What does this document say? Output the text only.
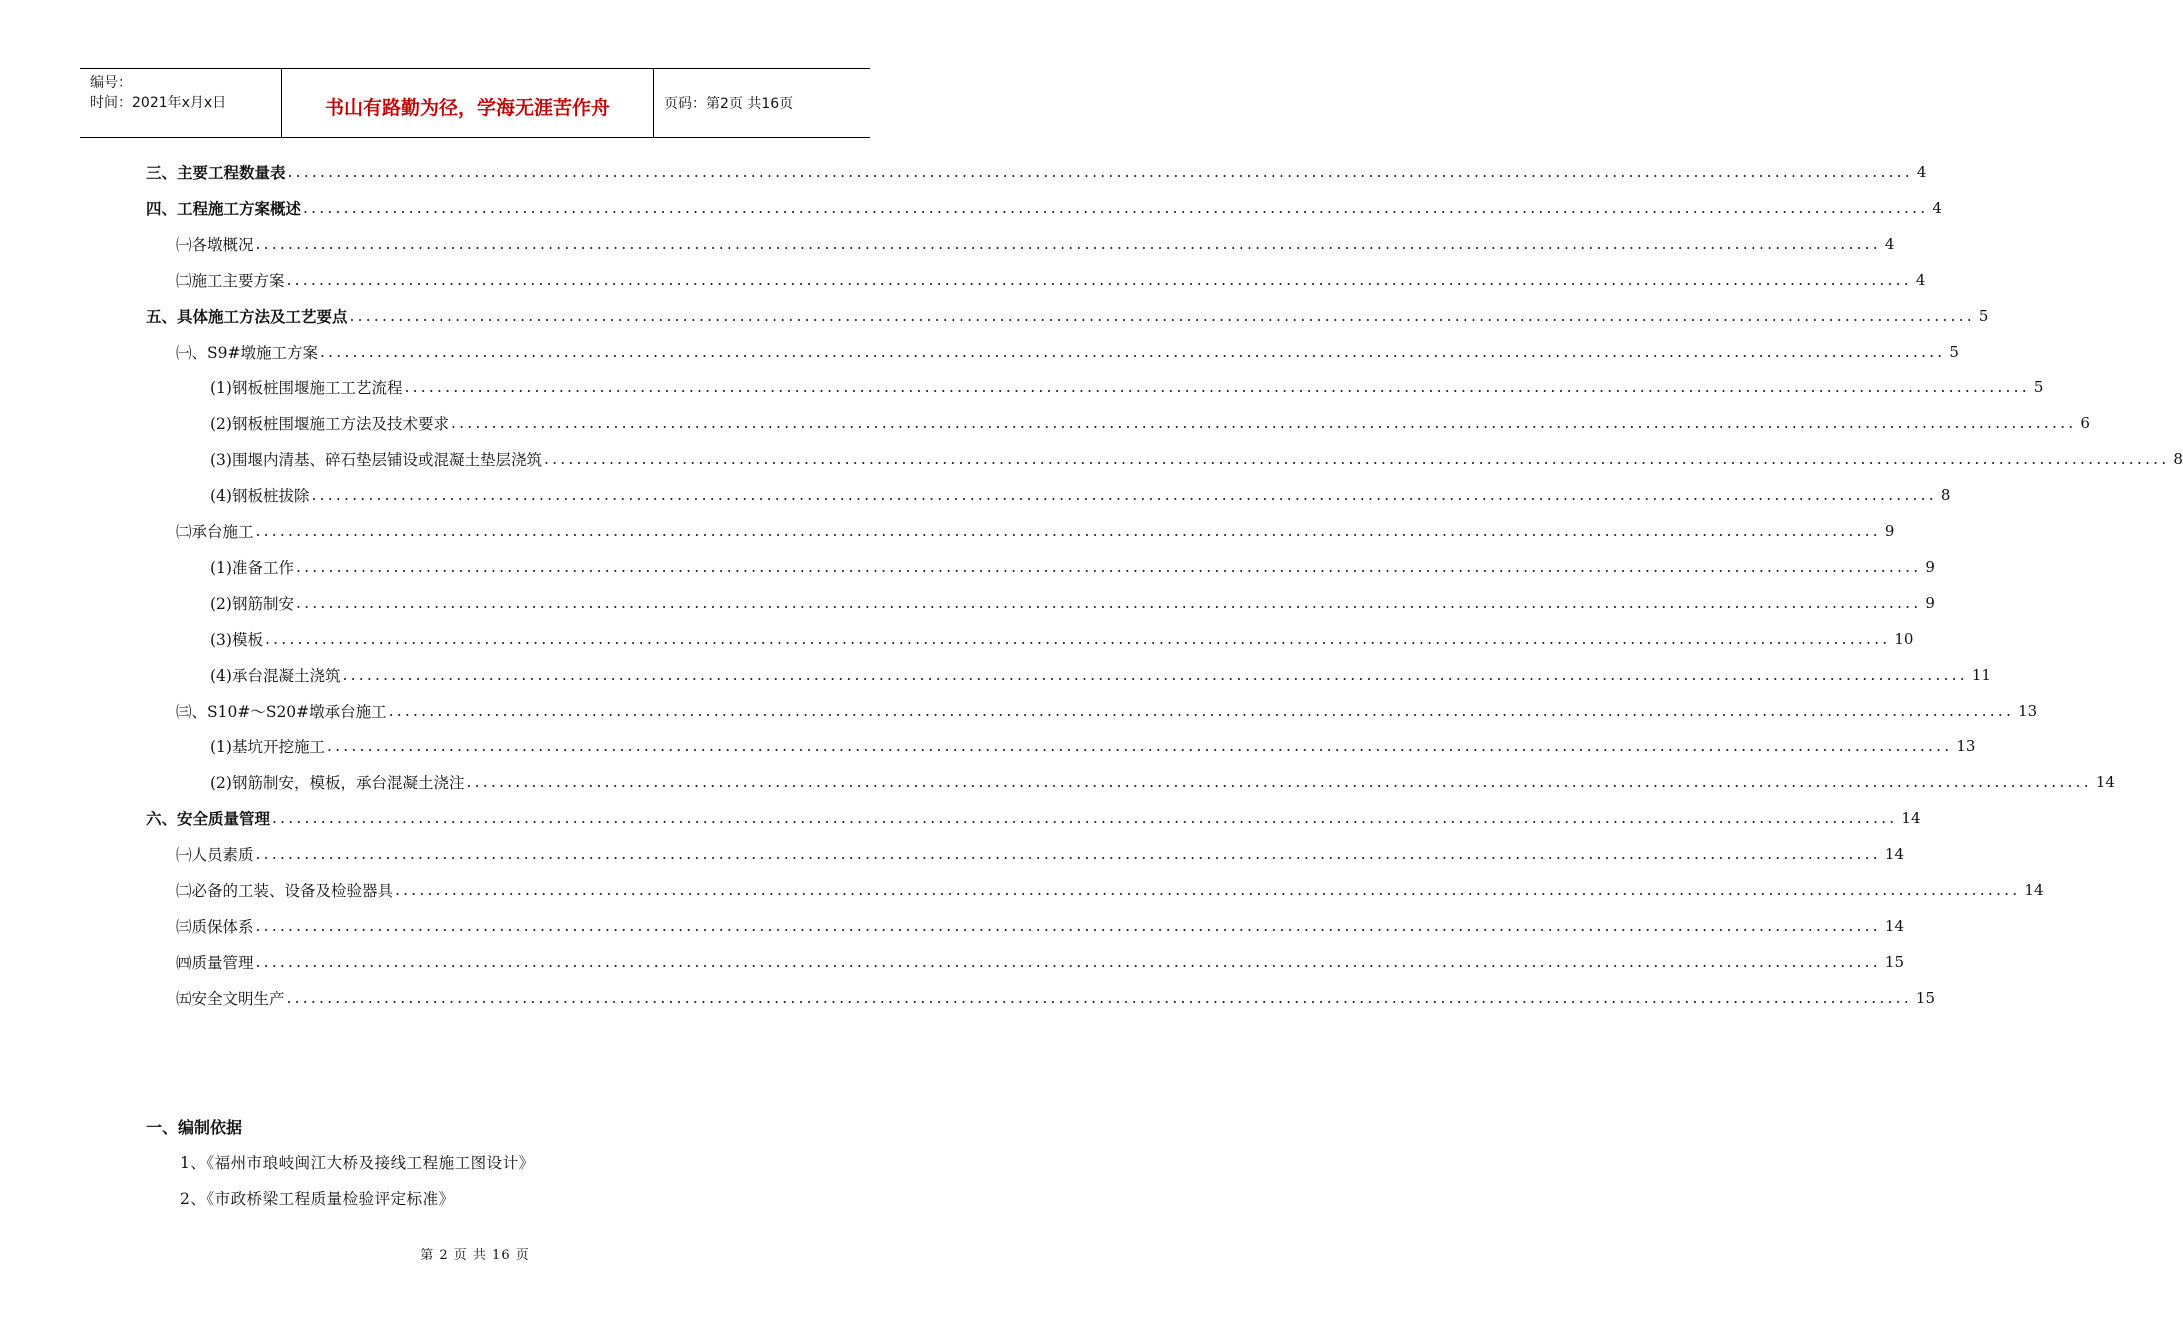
编号：
时间：2021年x月x日	书山有路勤为径，学海无涯苦作舟	页码：第2页 共16页
三、主要工程数量表 ........................................................................................................................................................................................................ 4
四、工程施工方案概述 ........................................................................................................................................................................................................ 4
㈠各墩概况 ........................................................................................................................................................................................................ 4
㈡施工主要方案 ........................................................................................................................................................................................................ 4
五、具体施工方法及工艺要点 ........................................................................................................................................................................................................ 5
㈠、S9#墩施工方案 ........................................................................................................................................................................................................ 5
(1)钢板桩围堰施工工艺流程 ........................................................................................................................................................................................................ 5
(2)钢板桩围堰施工方法及技术要求 ........................................................................................................................................................................................................ 6
(3)围堰内清基、碎石垫层铺设或混凝土垫层浇筑 ........................................................................................................................................................................................................ 8
(4)钢板桩拔除 ........................................................................................................................................................................................................ 8
㈡承台施工 ........................................................................................................................................................................................................ 9
(1)准备工作 ........................................................................................................................................................................................................ 9
(2)钢筋制安 ........................................................................................................................................................................................................ 9
(3)模板 ........................................................................................................................................................................................................ 10
(4)承台混凝土浇筑 ........................................................................................................................................................................................................ 11
㈢、S10#～S20#墩承台施工 ........................................................................................................................................................................................................ 13
(1)基坑开挖施工 ........................................................................................................................................................................................................ 13
(2)钢筋制安，模板，承台混凝土浇注 ........................................................................................................................................................................................................ 14
六、安全质量管理 ........................................................................................................................................................................................................ 14
㈠人员素质 ........................................................................................................................................................................................................ 14
㈡必备的工装、设备及检验器具 ........................................................................................................................................................................................................ 14
㈢质保体系 ........................................................................................................................................................................................................ 14
㈣质量管理 ........................................................................................................................................................................................................ 15
㈤安全文明生产 ........................................................................................................................................................................................................ 15
一、编制依据
1、《福州市琅岐闽江大桥及接线工程施工图设计》
2、《市政桥梁工程质量检验评定标准》
第 2 页 共 16 页
